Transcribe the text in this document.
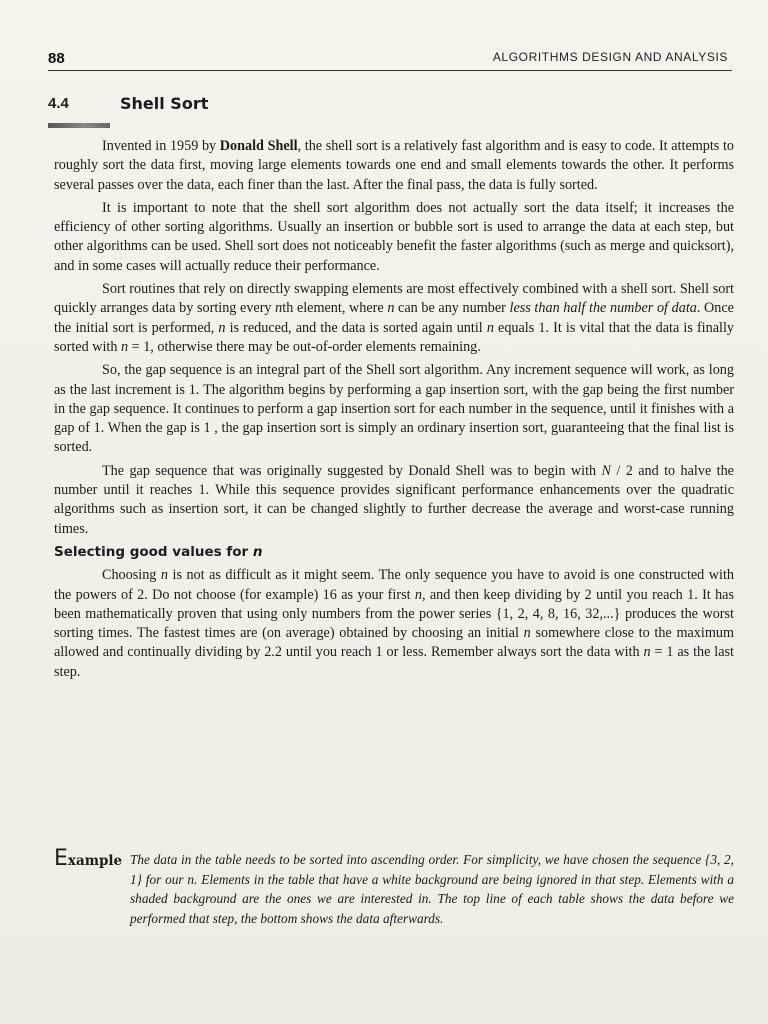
88	ALGORITHMS DESIGN AND ANALYSIS
4.4	Shell Sort

Invented in 1959 by Donald Shell, the shell sort is a relatively fast algorithm and is easy to code. It attempts to roughly sort the data first, moving large elements towards one end and small elements towards the other. It performs several passes over the data, each finer than the last. After the final pass, the data is fully sorted.

It is important to note that the shell sort algorithm does not actually sort the data itself; it increases the efficiency of other sorting algorithms. Usually an insertion or bubble sort is used to arrange the data at each step, but other algorithms can be used. Shell sort does not noticeably benefit the faster algorithms (such as merge and quicksort), and in some cases will actually reduce their performance.

Sort routines that rely on directly swapping elements are most effectively combined with a shell sort. Shell sort quickly arranges data by sorting every nth element, where n can be any number less than half the number of data. Once the initial sort is performed, n is reduced, and the data is sorted again until n equals 1. It is vital that the data is finally sorted with n = 1, otherwise there may be out-of-order elements remaining.

So, the gap sequence is an integral part of the Shell sort algorithm. Any increment sequence will work, as long as the last increment is 1. The algorithm begins by performing a gap insertion sort, with the gap being the first number in the gap sequence. It continues to perform a gap insertion sort for each number in the sequence, until it finishes with a gap of 1. When the gap is 1 , the gap insertion sort is simply an ordinary insertion sort, guaranteeing that the final list is sorted.

The gap sequence that was originally suggested by Donald Shell was to begin with N / 2 and to halve the number until it reaches 1. While this sequence provides significant performance enhancements over the quadratic algorithms such as insertion sort, it can be changed slightly to further decrease the average and worst-case running times.

Selecting good values for n

Choosing n is not as difficult as it might seem. The only sequence you have to avoid is one constructed with the powers of 2. Do not choose (for example) 16 as your first n, and then keep dividing by 2 until you reach 1. It has been mathematically proven that using only numbers from the power series {1, 2, 4, 8, 16, 32,...} produces the worst sorting times. The fastest times are (on average) obtained by choosing an initial n somewhere close to the maximum allowed and continually dividing by 2.2 until you reach 1 or less. Remember always sort the data with n = 1 as the last step.

Example The data in the table needs to be sorted into ascending order. For simplicity, we have chosen the sequence {3, 2, 1} for our n. Elements in the table that have a white background are being ignored in that step. Elements with a shaded background are the ones we are interested in. The top line of each table shows the data before we performed that step, the bottom shows the data afterwards.
